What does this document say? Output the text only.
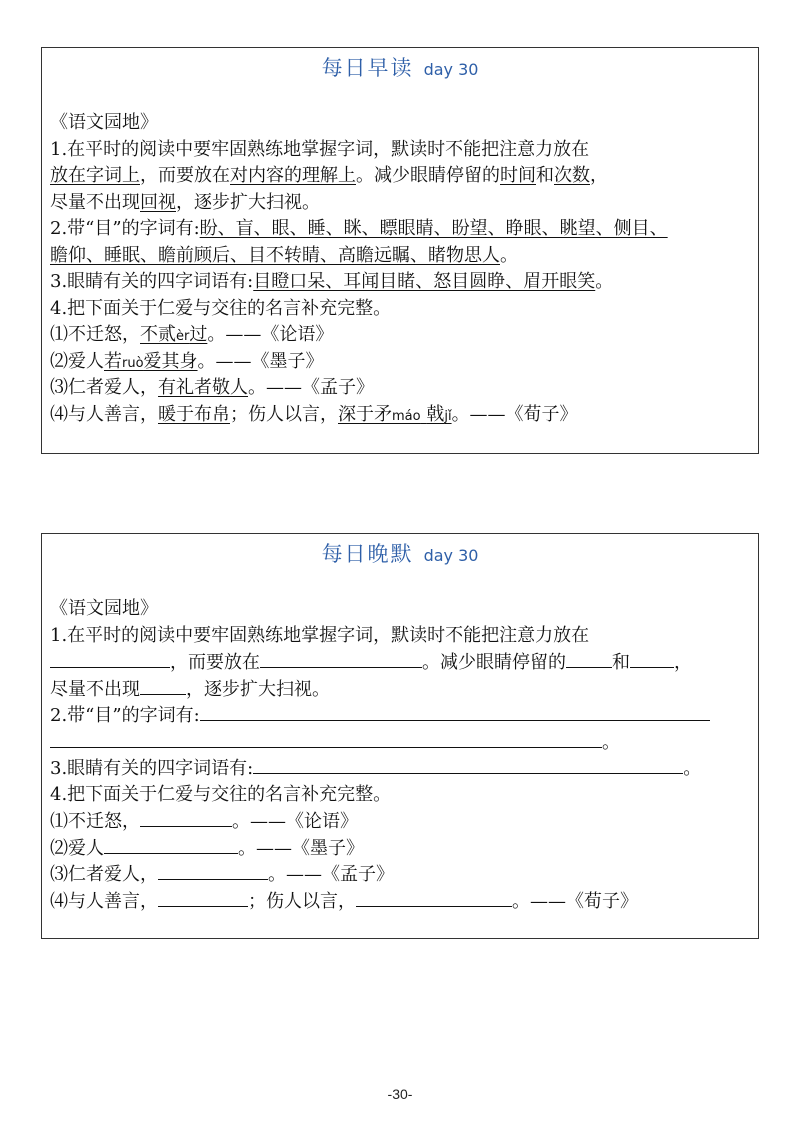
每日早读 day 30
《语文园地》
1.在平时的阅读中要牢固熟练地掌握字词，默读时不能把注意力放在
放在字词上，而要放在对内容的理解上。减少眼睛停留的时间和次数，
尽量不出现回视，逐步扩大扫视。
2.带“目”的字词有:盼、盲、眼、睡、眯、瞟眼睛、盼望、睁眼、眺望、侧目、
瞻仰、睡眠、瞻前顾后、目不转睛、高瞻远瞩、睹物思人。
3.眼睛有关的四字词语有:目瞪口呆、耳闻目睹、怒目圆睁、眉开眼笑。
4.把下面关于仁爱与交往的名言补充完整。
⑴不迁怒，不贰èr过。——《论语》
⑵爱人若ruò爱其身。——《墨子》
⑶仁者爱人，有礼者敬人。——《孟子》
⑷与人善言，暖于布帛；伤人以言，深于矛máo 戟jǐ。——《荀子》
每日晚默 day 30
《语文园地》
1.在平时的阅读中要牢固熟练地掌握字词，默读时不能把注意力放在
，而要放在	。减少眼睛停留的	和 ，
尽量不出现	，逐步扩大扫视。
2.带“目”的字词有:
。
3.眼睛有关的四字词语有:	。
4.把下面关于仁爱与交往的名言补充完整。
⑴不迁怒，	。——《论语》
⑵爱人	。——《墨子》
⑶仁者爱人，	。——《孟子》
⑷与人善言，	；伤人以言，	。——《荀子》
-30-
